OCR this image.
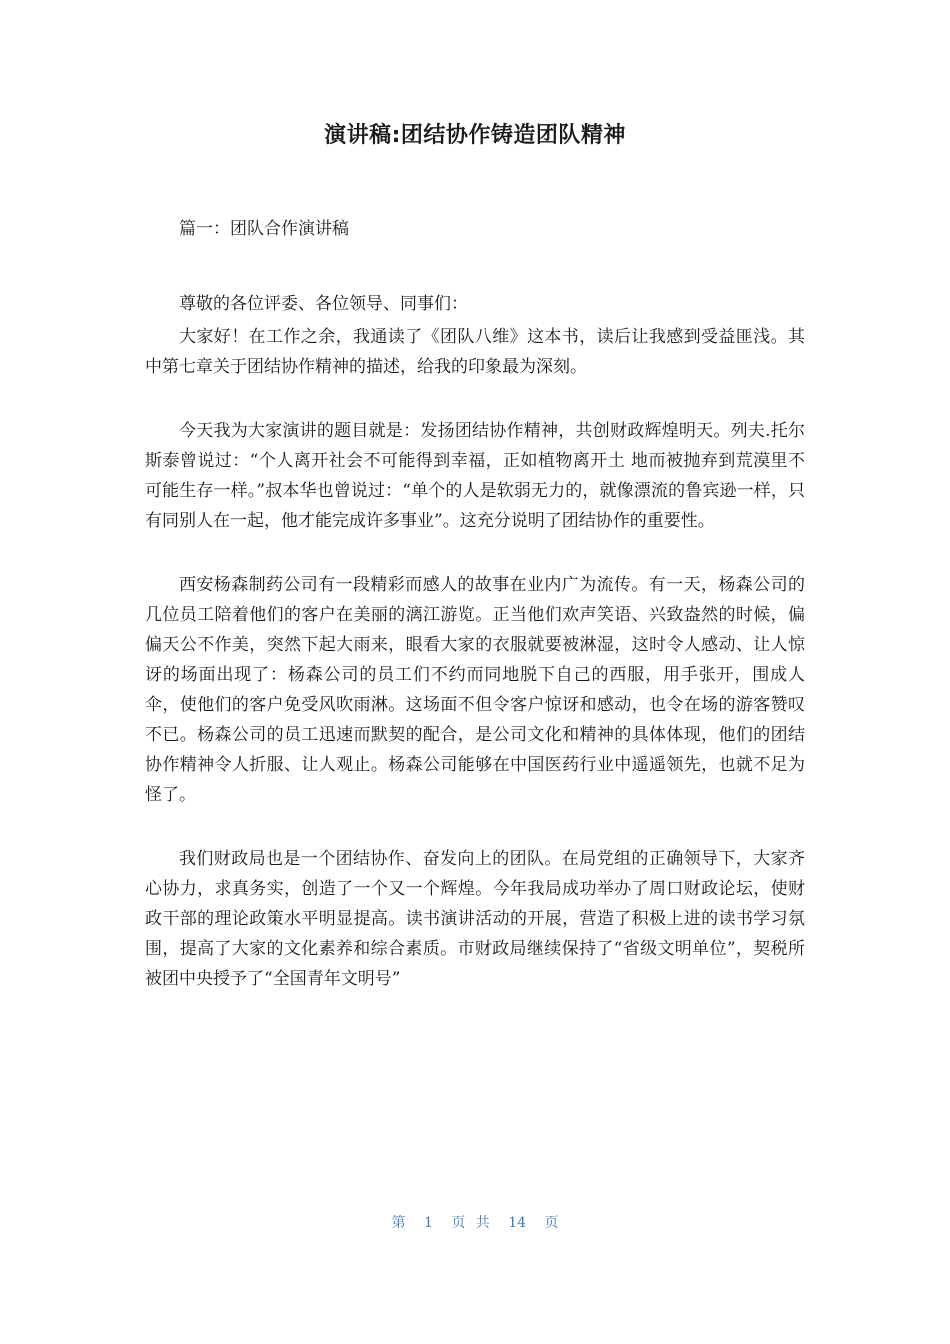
演讲稿:团结协作铸造团队精神

篇一：团队合作演讲稿

尊敬的各位评委、各位领导、同事们：

大家好！在工作之余，我通读了《团队八维》这本书，读后让我感到受益匪浅。其中第七章关于团结协作精神的描述，给我的印象最为深刻。

今天我为大家演讲的题目就是：发扬团结协作精神，共创财政辉煌明天。列夫.托尔斯泰曾说过：“个人离开社会不可能得到幸福，正如植物离开土 地而被抛弃到荒漠里不可能生存一样。”叔本华也曾说过：“单个的人是软弱无力的，就像漂流的鲁宾逊一样，只有同别人在一起，他才能完成许多事业”。这充分说明了团结协作的重要性。

西安杨森制药公司有一段精彩而感人的故事在业内广为流传。有一天，杨森公司的几位员工陪着他们的客户在美丽的漓江游览。正当他们欢声笑语、兴致盎然的时候，偏偏天公不作美，突然下起大雨来，眼看大家的衣服就要被淋湿，这时令人感动、让人惊讶的场面出现了：杨森公司的员工们不约而同地脱下自己的西服，用手张开，围成人伞，使他们的客户免受风吹雨淋。这场面不但令客户惊讶和感动，也令在场的游客赞叹不已。杨森公司的员工迅速而默契的配合，是公司文化和精神的具体体现，他们的团结协作精神令人折服、让人观止。杨森公司能够在中国医药行业中遥遥领先，也就不足为怪了。

我们财政局也是一个团结协作、奋发向上的团队。在局党组的正确领导下，大家齐心协力，求真务实，创造了一个又一个辉煌。今年我局成功举办了周口财政论坛，使财政干部的理论政策水平明显提高。读书演讲活动的开展，营造了积极上进的读书学习氛围，提高了大家的文化素养和综合素质。市财政局继续保持了“省级文明单位”，契税所被团中央授予了“全国青年文明号”

第 1 页 共 14 页
